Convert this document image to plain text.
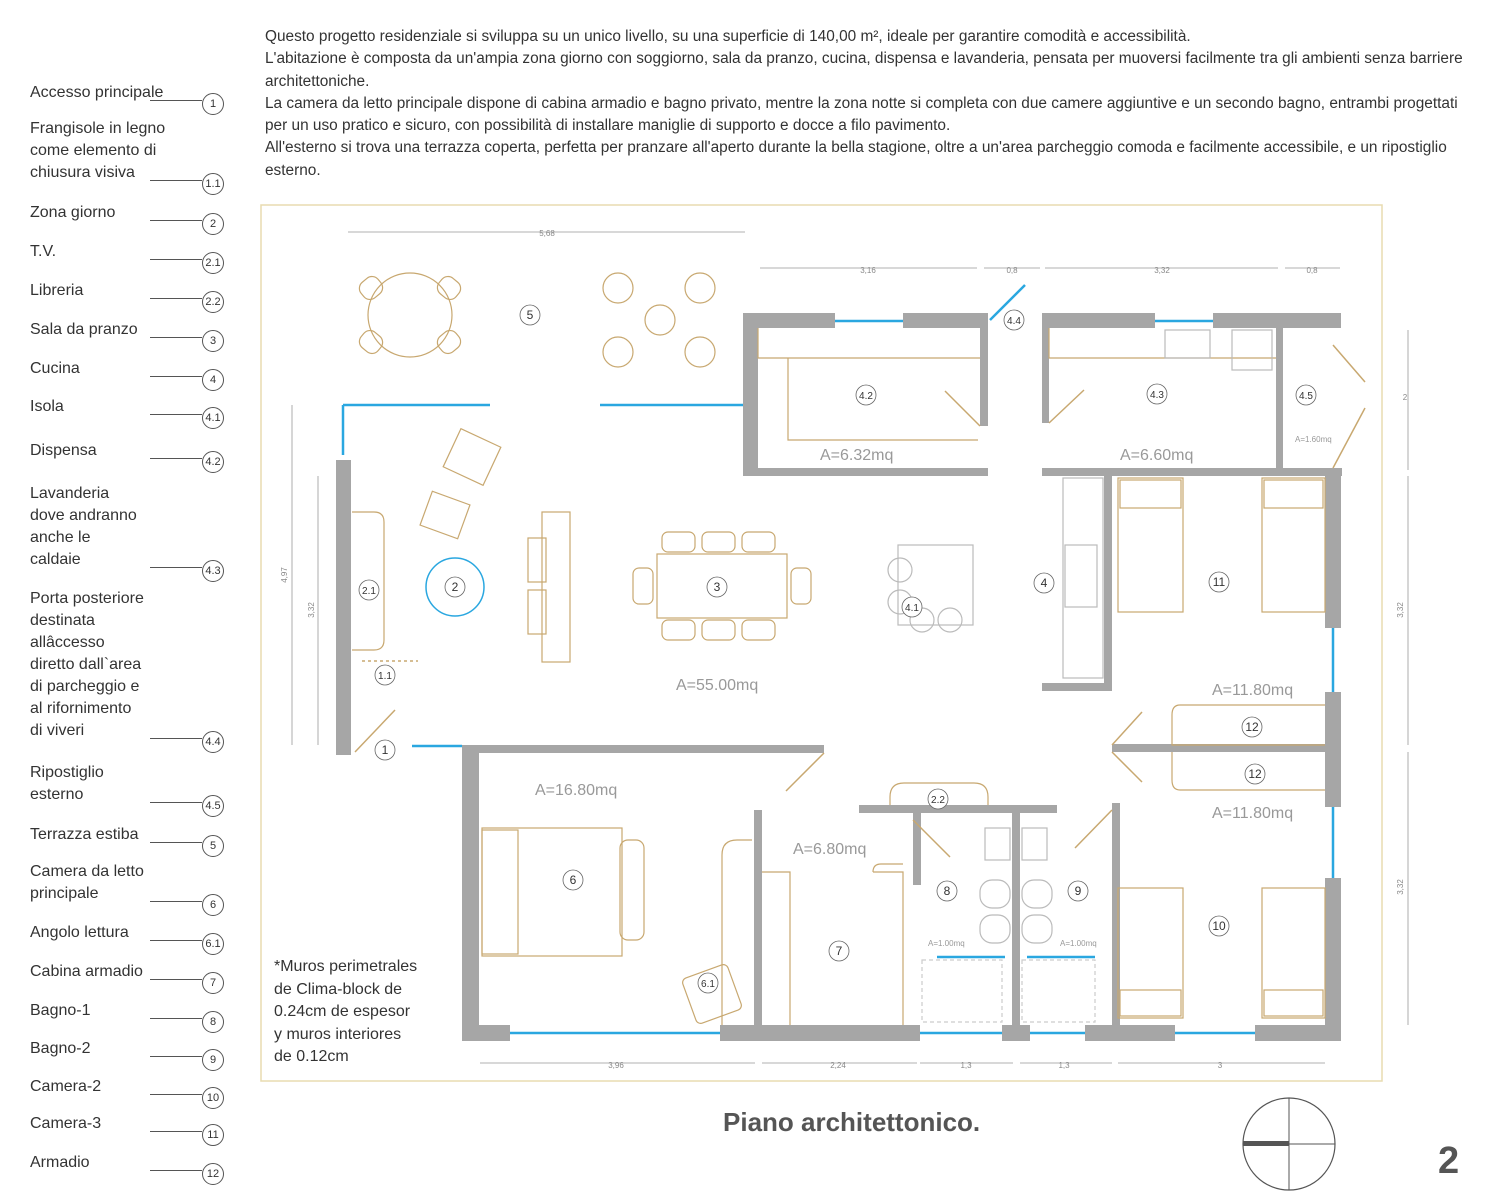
Questo progetto residenziale si sviluppa su un unico livello, su una superficie di 140,00 m², ideale per garantire comodità e accessibilità.

L'abitazione è composta da un'ampia zona giorno con soggiorno, sala da pranzo, cucina, dispensa e lavanderia, pensata per muoversi facilmente tra gli ambienti senza barriere architettoniche.

La camera da letto principale dispone di cabina armadio e bagno privato, mentre la zona notte si completa con due camere aggiuntive e un secondo bagno, entrambi progettati per un uso pratico e sicuro, con possibilità di installare maniglie di supporto e docce a filo pavimento.

All'esterno si trova una terrazza coperta, perfetta per pranzare all'aperto durante la bella stagione, oltre a un'area parcheggio comoda e facilmente accessibile, e un ripostiglio esterno.

Accesso principale
1
Frangisole in legno
come elemento di
chiusura visiva
1.1
Zona giorno
2
T.V.
2.1
Libreria
2.2
Sala da pranzo
3
Cucina
4
Isola
4.1
Dispensa
4.2
Lavanderia
dove andranno
anche le
caldaie
4.3
Porta posteriore
destinata
allâccesso
diretto dall`area
di parcheggio e
al rifornimento
di viveri
4.4
Ripostiglio
esterno
4.5
Terrazza estiba
5
Camera da letto
principale
6
Angolo lettura
6.1
Cabina armadio
7
Bagno-1
8
Bagno-2
9
Camera-2
10
Camera-3
11
Armadio
12
5	4.4
4.2	4.3	4.5
2
2.1	3
4.1
4	11
1.1
1
12
12
2.2
6
8	9
7
10
6.1
A=6.32mq	A=6.60mq
A=1.60mq
A=55.00mq	A=11.80mq
A=11.80mq
A=16.80mq
A=6.80mq
A=1.00mq	A=1.00mq
5,68
3,16	0,8	3,32	0,8
2
4,97
3,32	3,32
3,32
3,96	2,24	1,3	1,3	3

*Muros perimetrales

de Clima-block de

0.24cm de espesor

y muros interiores

de 0.12cm

Piano architettonico.
2
